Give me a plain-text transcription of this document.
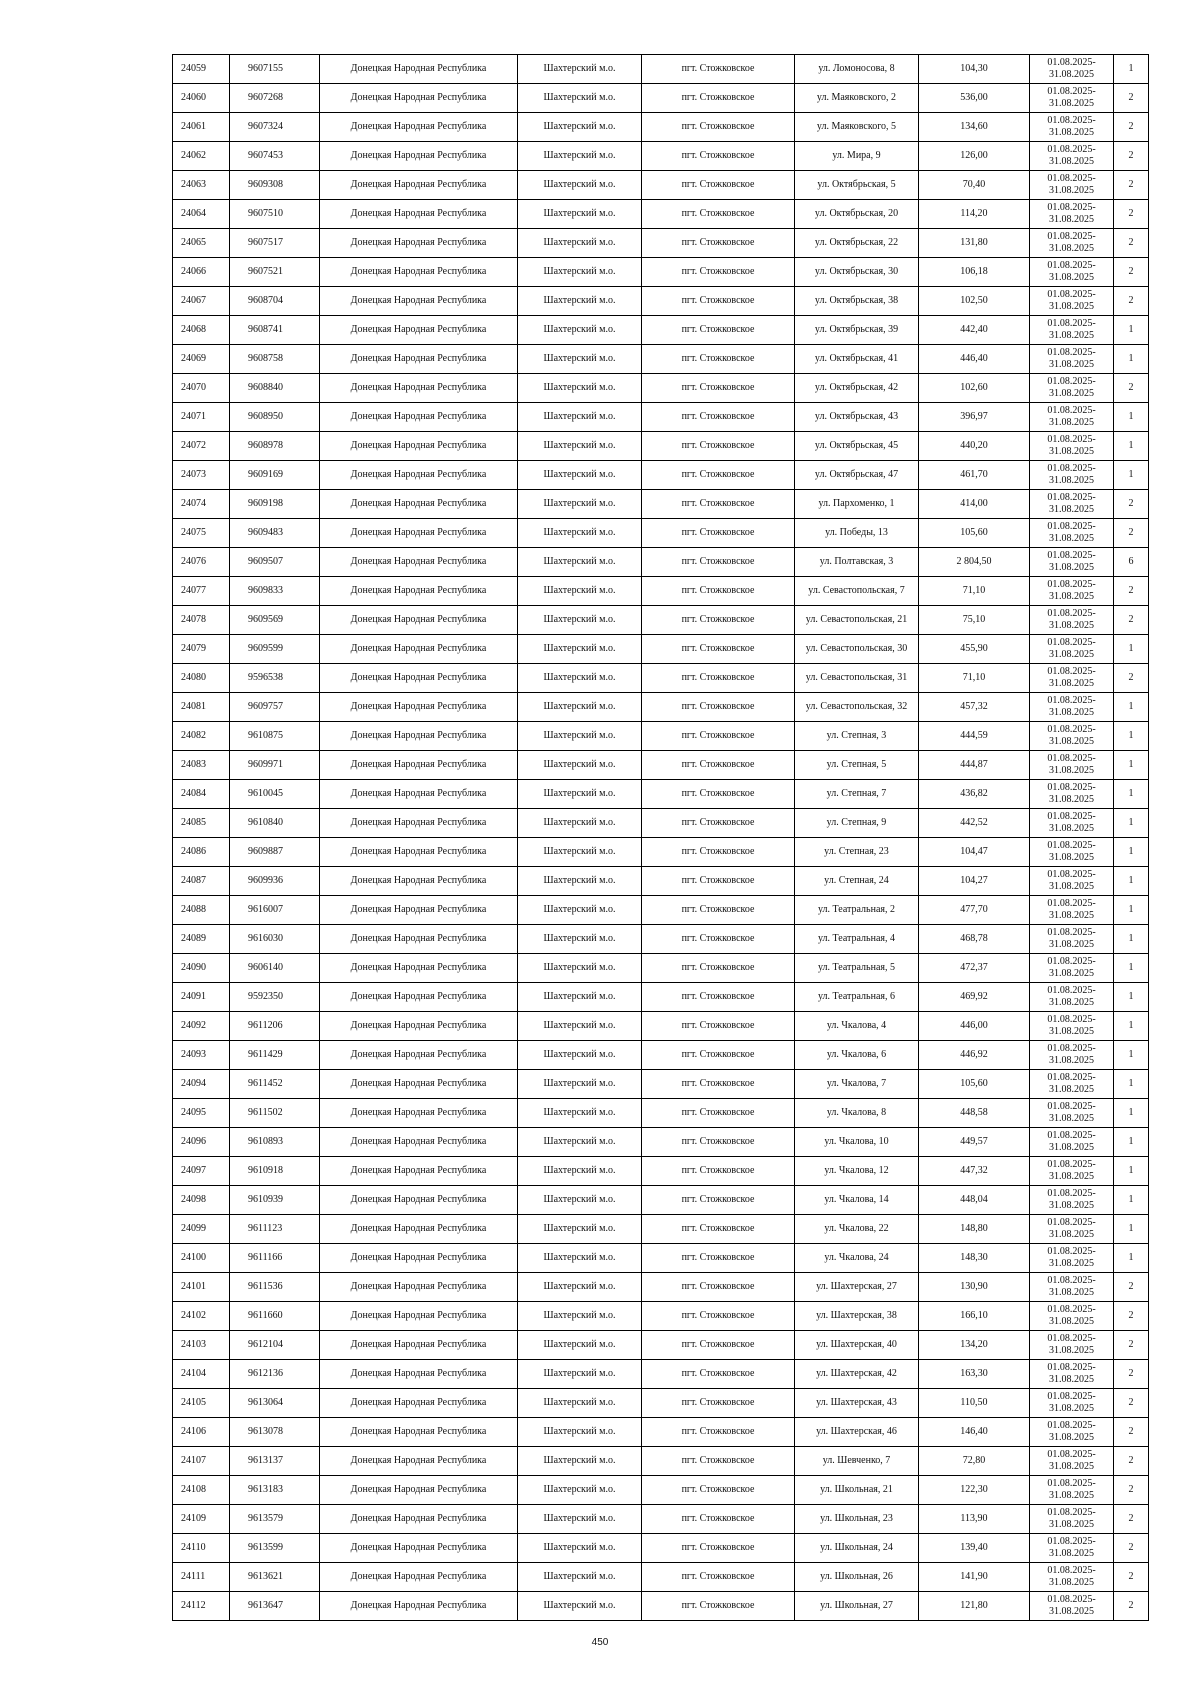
24059	9607155	Донецкая Народная Республика	Шахтерский м.о.	пгт. Стожковское	ул. Ломоносова, 8	104,30	01.08.2025-
31.08.2025	1
24060	9607268	Донецкая Народная Республика	Шахтерский м.о.	пгт. Стожковское	ул. Маяковского, 2	536,00	01.08.2025-
31.08.2025	2
24061	9607324	Донецкая Народная Республика	Шахтерский м.о.	пгт. Стожковское	ул. Маяковского, 5	134,60	01.08.2025-
31.08.2025	2
24062	9607453	Донецкая Народная Республика	Шахтерский м.о.	пгт. Стожковское	ул. Мира, 9	126,00	01.08.2025-
31.08.2025	2
24063	9609308	Донецкая Народная Республика	Шахтерский м.о.	пгт. Стожковское	ул. Октябрьская, 5	70,40	01.08.2025-
31.08.2025	2
24064	9607510	Донецкая Народная Республика	Шахтерский м.о.	пгт. Стожковское	ул. Октябрьская, 20	114,20	01.08.2025-
31.08.2025	2
24065	9607517	Донецкая Народная Республика	Шахтерский м.о.	пгт. Стожковское	ул. Октябрьская, 22	131,80	01.08.2025-
31.08.2025	2
24066	9607521	Донецкая Народная Республика	Шахтерский м.о.	пгт. Стожковское	ул. Октябрьская, 30	106,18	01.08.2025-
31.08.2025	2
24067	9608704	Донецкая Народная Республика	Шахтерский м.о.	пгт. Стожковское	ул. Октябрьская, 38	102,50	01.08.2025-
31.08.2025	2
24068	9608741	Донецкая Народная Республика	Шахтерский м.о.	пгт. Стожковское	ул. Октябрьская, 39	442,40	01.08.2025-
31.08.2025	1
24069	9608758	Донецкая Народная Республика	Шахтерский м.о.	пгт. Стожковское	ул. Октябрьская, 41	446,40	01.08.2025-
31.08.2025	1
24070	9608840	Донецкая Народная Республика	Шахтерский м.о.	пгт. Стожковское	ул. Октябрьская, 42	102,60	01.08.2025-
31.08.2025	2
24071	9608950	Донецкая Народная Республика	Шахтерский м.о.	пгт. Стожковское	ул. Октябрьская, 43	396,97	01.08.2025-
31.08.2025	1
24072	9608978	Донецкая Народная Республика	Шахтерский м.о.	пгт. Стожковское	ул. Октябрьская, 45	440,20	01.08.2025-
31.08.2025	1
24073	9609169	Донецкая Народная Республика	Шахтерский м.о.	пгт. Стожковское	ул. Октябрьская, 47	461,70	01.08.2025-
31.08.2025	1
24074	9609198	Донецкая Народная Республика	Шахтерский м.о.	пгт. Стожковское	ул. Пархоменко, 1	414,00	01.08.2025-
31.08.2025	2
24075	9609483	Донецкая Народная Республика	Шахтерский м.о.	пгт. Стожковское	ул. Победы, 13	105,60	01.08.2025-
31.08.2025	2
24076	9609507	Донецкая Народная Республика	Шахтерский м.о.	пгт. Стожковское	ул. Полтавская, 3	2 804,50	01.08.2025-
31.08.2025	6
24077	9609833	Донецкая Народная Республика	Шахтерский м.о.	пгт. Стожковское	ул. Севастопольская, 7	71,10	01.08.2025-
31.08.2025	2
24078	9609569	Донецкая Народная Республика	Шахтерский м.о.	пгт. Стожковское	ул. Севастопольская, 21	75,10	01.08.2025-
31.08.2025	2
24079	9609599	Донецкая Народная Республика	Шахтерский м.о.	пгт. Стожковское	ул. Севастопольская, 30	455,90	01.08.2025-
31.08.2025	1
24080	9596538	Донецкая Народная Республика	Шахтерский м.о.	пгт. Стожковское	ул. Севастопольская, 31	71,10	01.08.2025-
31.08.2025	2
24081	9609757	Донецкая Народная Республика	Шахтерский м.о.	пгт. Стожковское	ул. Севастопольская, 32	457,32	01.08.2025-
31.08.2025	1
24082	9610875	Донецкая Народная Республика	Шахтерский м.о.	пгт. Стожковское	ул. Степная, 3	444,59	01.08.2025-
31.08.2025	1
24083	9609971	Донецкая Народная Республика	Шахтерский м.о.	пгт. Стожковское	ул. Степная, 5	444,87	01.08.2025-
31.08.2025	1
24084	9610045	Донецкая Народная Республика	Шахтерский м.о.	пгт. Стожковское	ул. Степная, 7	436,82	01.08.2025-
31.08.2025	1
24085	9610840	Донецкая Народная Республика	Шахтерский м.о.	пгт. Стожковское	ул. Степная, 9	442,52	01.08.2025-
31.08.2025	1
24086	9609887	Донецкая Народная Республика	Шахтерский м.о.	пгт. Стожковское	ул. Степная, 23	104,47	01.08.2025-
31.08.2025	1
24087	9609936	Донецкая Народная Республика	Шахтерский м.о.	пгт. Стожковское	ул. Степная, 24	104,27	01.08.2025-
31.08.2025	1
24088	9616007	Донецкая Народная Республика	Шахтерский м.о.	пгт. Стожковское	ул. Театральная, 2	477,70	01.08.2025-
31.08.2025	1
24089	9616030	Донецкая Народная Республика	Шахтерский м.о.	пгт. Стожковское	ул. Театральная, 4	468,78	01.08.2025-
31.08.2025	1
24090	9606140	Донецкая Народная Республика	Шахтерский м.о.	пгт. Стожковское	ул. Театральная, 5	472,37	01.08.2025-
31.08.2025	1
24091	9592350	Донецкая Народная Республика	Шахтерский м.о.	пгт. Стожковское	ул. Театральная, 6	469,92	01.08.2025-
31.08.2025	1
24092	9611206	Донецкая Народная Республика	Шахтерский м.о.	пгт. Стожковское	ул. Чкалова, 4	446,00	01.08.2025-
31.08.2025	1
24093	9611429	Донецкая Народная Республика	Шахтерский м.о.	пгт. Стожковское	ул. Чкалова, 6	446,92	01.08.2025-
31.08.2025	1
24094	9611452	Донецкая Народная Республика	Шахтерский м.о.	пгт. Стожковское	ул. Чкалова, 7	105,60	01.08.2025-
31.08.2025	1
24095	9611502	Донецкая Народная Республика	Шахтерский м.о.	пгт. Стожковское	ул. Чкалова, 8	448,58	01.08.2025-
31.08.2025	1
24096	9610893	Донецкая Народная Республика	Шахтерский м.о.	пгт. Стожковское	ул. Чкалова, 10	449,57	01.08.2025-
31.08.2025	1
24097	9610918	Донецкая Народная Республика	Шахтерский м.о.	пгт. Стожковское	ул. Чкалова, 12	447,32	01.08.2025-
31.08.2025	1
24098	9610939	Донецкая Народная Республика	Шахтерский м.о.	пгт. Стожковское	ул. Чкалова, 14	448,04	01.08.2025-
31.08.2025	1
24099	9611123	Донецкая Народная Республика	Шахтерский м.о.	пгт. Стожковское	ул. Чкалова, 22	148,80	01.08.2025-
31.08.2025	1
24100	9611166	Донецкая Народная Республика	Шахтерский м.о.	пгт. Стожковское	ул. Чкалова, 24	148,30	01.08.2025-
31.08.2025	1
24101	9611536	Донецкая Народная Республика	Шахтерский м.о.	пгт. Стожковское	ул. Шахтерская, 27	130,90	01.08.2025-
31.08.2025	2
24102	9611660	Донецкая Народная Республика	Шахтерский м.о.	пгт. Стожковское	ул. Шахтерская, 38	166,10	01.08.2025-
31.08.2025	2
24103	9612104	Донецкая Народная Республика	Шахтерский м.о.	пгт. Стожковское	ул. Шахтерская, 40	134,20	01.08.2025-
31.08.2025	2
24104	9612136	Донецкая Народная Республика	Шахтерский м.о.	пгт. Стожковское	ул. Шахтерская, 42	163,30	01.08.2025-
31.08.2025	2
24105	9613064	Донецкая Народная Республика	Шахтерский м.о.	пгт. Стожковское	ул. Шахтерская, 43	110,50	01.08.2025-
31.08.2025	2
24106	9613078	Донецкая Народная Республика	Шахтерский м.о.	пгт. Стожковское	ул. Шахтерская, 46	146,40	01.08.2025-
31.08.2025	2
24107	9613137	Донецкая Народная Республика	Шахтерский м.о.	пгт. Стожковское	ул. Шевченко, 7	72,80	01.08.2025-
31.08.2025	2
24108	9613183	Донецкая Народная Республика	Шахтерский м.о.	пгт. Стожковское	ул. Школьная, 21	122,30	01.08.2025-
31.08.2025	2
24109	9613579	Донецкая Народная Республика	Шахтерский м.о.	пгт. Стожковское	ул. Школьная, 23	113,90	01.08.2025-
31.08.2025	2
24110	9613599	Донецкая Народная Республика	Шахтерский м.о.	пгт. Стожковское	ул. Школьная, 24	139,40	01.08.2025-
31.08.2025	2
24111	9613621	Донецкая Народная Республика	Шахтерский м.о.	пгт. Стожковское	ул. Школьная, 26	141,90	01.08.2025-
31.08.2025	2
24112	9613647	Донецкая Народная Республика	Шахтерский м.о.	пгт. Стожковское	ул. Школьная, 27	121,80	01.08.2025-
31.08.2025	2
450
